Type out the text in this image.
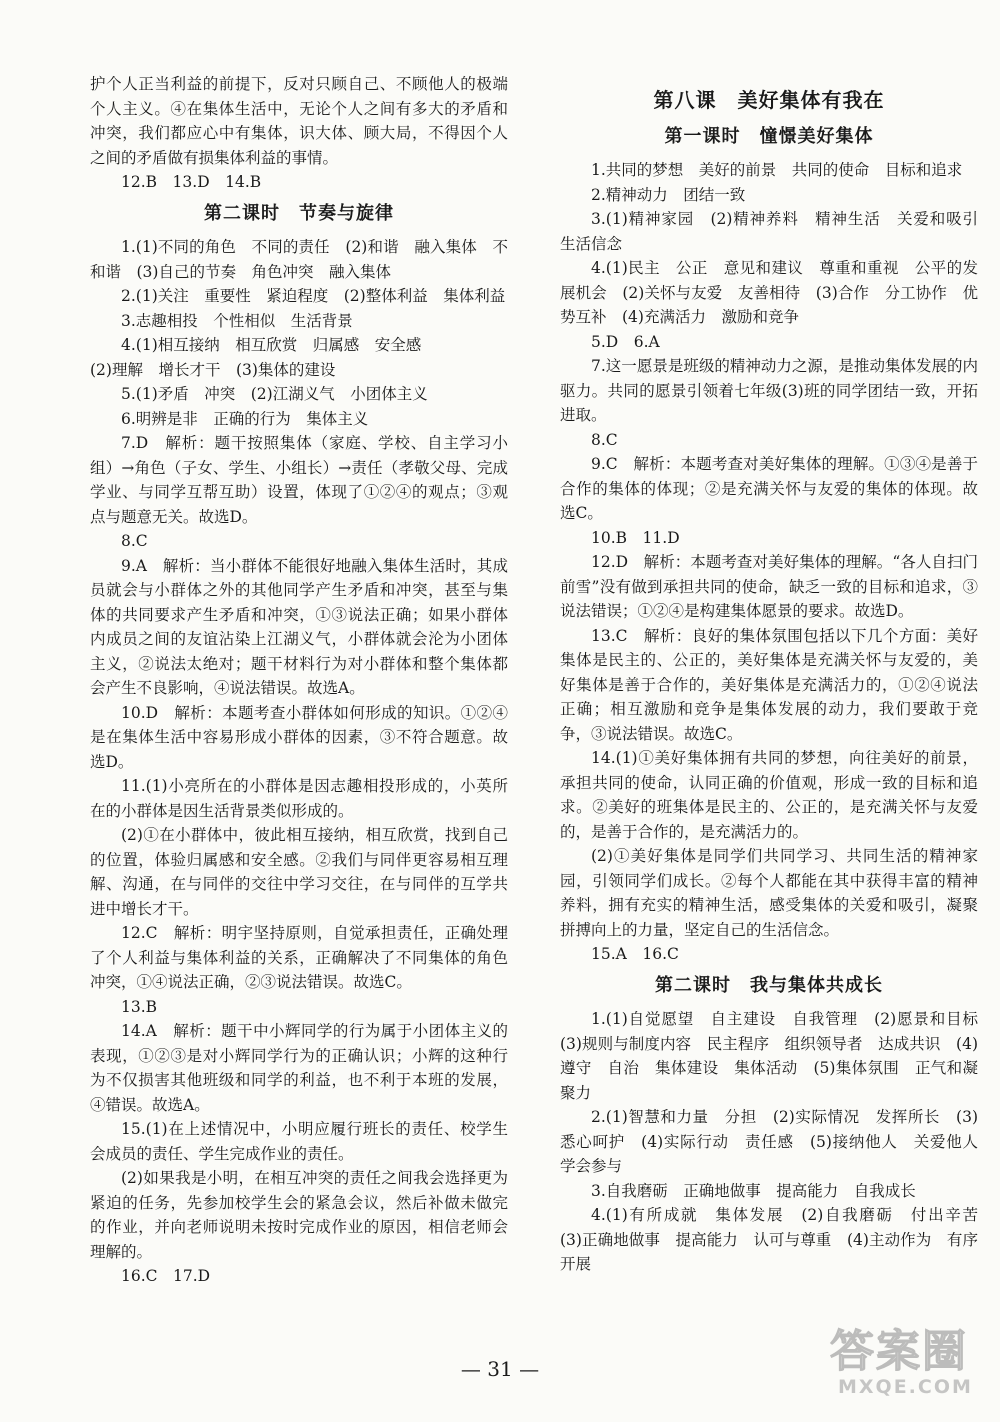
护个人正当利益的前提下，反对只顾自己、不顾他人的极端个人主义。④在集体生活中，无论个人之间有多大的矛盾和冲突，我们都应心中有集体，识大体、顾大局，不得因个人之间的矛盾做有损集体利益的事情。

12.B　13.D　14.B

第二课时　节奏与旋律

1.(1)不同的角色　不同的责任　(2)和谐　融入集体　不和谐　(3)自己的节奏　角色冲突　融入集体

2.(1)关注　重要性　紧迫程度　(2)整体利益　集体利益

3.志趣相投　个性相似　生活背景

4.(1)相互接纳　相互欣赏　归属感　安全感

(2)理解　增长才干　(3)集体的建设

5.(1)矛盾　冲突　(2)江湖义气　小团体主义

6.明辨是非　正确的行为　集体主义

7.D　解析：题干按照集体（家庭、学校、自主学习小组）→角色（子女、学生、小组长）→责任（孝敬父母、完成学业、与同学互帮互助）设置，体现了①②④的观点；③观点与题意无关。故选D。

8.C

9.A　解析：当小群体不能很好地融入集体生活时，其成员就会与小群体之外的其他同学产生矛盾和冲突，甚至与集体的共同要求产生矛盾和冲突，①③说法正确；如果小群体内成员之间的友谊沾染上江湖义气，小群体就会沦为小团体主义，②说法太绝对；题干材料行为对小群体和整个集体都会产生不良影响，④说法错误。故选A。

10.D　解析：本题考查小群体如何形成的知识。①②④是在集体生活中容易形成小群体的因素，③不符合题意。故选D。

11.(1)小亮所在的小群体是因志趣相投形成的，小英所在的小群体是因生活背景类似形成的。

(2)①在小群体中，彼此相互接纳，相互欣赏，找到自己的位置，体验归属感和安全感。②我们与同伴更容易相互理解、沟通，在与同伴的交往中学习交往，在与同伴的互学共进中增长才干。

12.C　解析：明宇坚持原则，自觉承担责任，正确处理了个人利益与集体利益的关系，正确解决了不同集体的角色冲突，①④说法正确，②③说法错误。故选C。

13.B

14.A　解析：题干中小辉同学的行为属于小团体主义的表现，①②③是对小辉同学行为的正确认识；小辉的这种行为不仅损害其他班级和同学的利益，也不利于本班的发展，④错误。故选A。

15.(1)在上述情况中，小明应履行班长的责任、校学生会成员的责任、学生完成作业的责任。

(2)如果我是小明，在相互冲突的责任之间我会选择更为紧迫的任务，先参加校学生会的紧急会议，然后补做未做完的作业，并向老师说明未按时完成作业的原因，相信老师会理解的。

16.C　17.D

第八课　美好集体有我在
第一课时　憧憬美好集体

1.共同的梦想　美好的前景　共同的使命　目标和追求

2.精神动力　团结一致

3.(1)精神家园　(2)精神养料　精神生活　关爱和吸引　生活信念

4.(1)民主　公正　意见和建议　尊重和重视　公平的发展机会　(2)关怀与友爱　友善相待　(3)合作　分工协作　优势互补　(4)充满活力　激励和竞争

5.D　6.A

7.这一愿景是班级的精神动力之源，是推动集体发展的内驱力。共同的愿景引领着七年级(3)班的同学团结一致，开拓进取。

8.C

9.C　解析：本题考查对美好集体的理解。①③④是善于合作的集体的体现；②是充满关怀与友爱的集体的体现。故选C。

10.B　11.D

12.D　解析：本题考查对美好集体的理解。“各人自扫门前雪”没有做到承担共同的使命，缺乏一致的目标和追求，③说法错误；①②④是构建集体愿景的要求。故选D。

13.C　解析：良好的集体氛围包括以下几个方面：美好集体是民主的、公正的，美好集体是充满关怀与友爱的，美好集体是善于合作的，美好集体是充满活力的，①②④说法正确；相互激励和竞争是集体发展的动力，我们要敢于竞争，③说法错误。故选C。

14.(1)①美好集体拥有共同的梦想，向往美好的前景，承担共同的使命，认同正确的价值观，形成一致的目标和追求。②美好的班集体是民主的、公正的，是充满关怀与友爱的，是善于合作的，是充满活力的。

(2)①美好集体是同学们共同学习、共同生活的精神家园，引领同学们成长。②每个人都能在其中获得丰富的精神养料，拥有充实的精神生活，感受集体的关爱和吸引，凝聚拼搏向上的力量，坚定自己的生活信念。

15.A　16.C

第二课时　我与集体共成长

1.(1)自觉愿望　自主建设　自我管理　(2)愿景和目标　(3)规则与制度内容　民主程序　组织领导者　达成共识　(4)遵守　自治　集体建设　集体活动　(5)集体氛围　正气和凝聚力

2.(1)智慧和力量　分担　(2)实际情况　发挥所长　(3)悉心呵护　(4)实际行动　责任感　(5)接纳他人　关爱他人　学会参与

3.自我磨砺　正确地做事　提高能力　自我成长

4.(1)有所成就　集体发展　(2)自我磨砺　付出辛苦　(3)正确地做事　提高能力　认可与尊重　(4)主动作为　有序开展

— 31 —	答案圈
MXQE.COM
